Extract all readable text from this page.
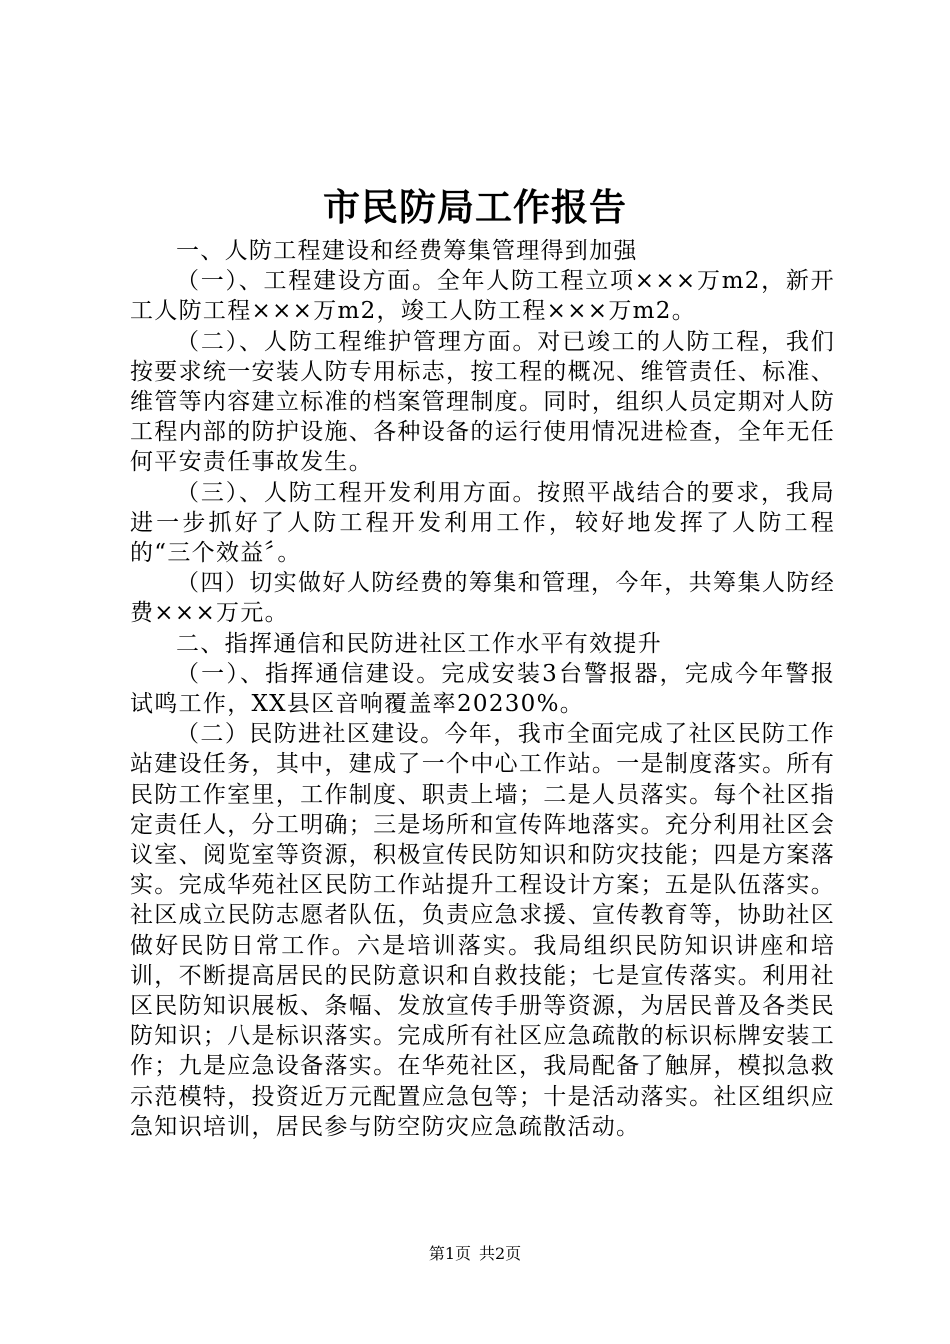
市民防局工作报告

一、人防工程建设和经费筹集管理得到加强

（一）、工程建设方面。全年人防工程立项×××万m2，新开工人防工程×××万m2，竣工人防工程×××万m2。

（二）、人防工程维护管理方面。对已竣工的人防工程，我们按要求统一安装人防专用标志，按工程的概况、维管责任、标准、维管等内容建立标准的档案管理制度。同时，组织人员定期对人防工程内部的防护设施、各种设备的运行使用情况进检查，全年无任何平安责任事故发生。

（三）、人防工程开发利用方面。按照平战结合的要求，我局进一步抓好了人防工程开发利用工作，较好地发挥了人防工程的“三个效益〞。

（四）切实做好人防经费的筹集和管理，今年，共筹集人防经费×××万元。

二、指挥通信和民防进社区工作水平有效提升

（一）、指挥通信建设。完成安装3台警报器，完成今年警报试鸣工作，XX县区音响覆盖率20230%。

（二）民防进社区建设。今年，我市全面完成了社区民防工作站建设任务，其中，建成了一个中心工作站。一是制度落实。所有民防工作室里，工作制度、职责上墙；二是人员落实。每个社区指定责任人，分工明确；三是场所和宣传阵地落实。充分利用社区会议室、阅览室等资源，积极宣传民防知识和防灾技能；四是方案落实。完成华苑社区民防工作站提升工程设计方案；五是队伍落实。社区成立民防志愿者队伍，负责应急求援、宣传教育等，协助社区做好民防日常工作。六是培训落实。我局组织民防知识讲座和培训，不断提高居民的民防意识和自救技能；七是宣传落实。利用社区民防知识展板、条幅、发放宣传手册等资源，为居民普及各类民防知识；八是标识落实。完成所有社区应急疏散的标识标牌安装工作；九是应急设备落实。在华苑社区，我局配备了触屏，模拟急救示范模特，投资近万元配置应急包等；十是活动落实。社区组织应急知识培训，居民参与防空防灾应急疏散活动。

第1页 共2页
